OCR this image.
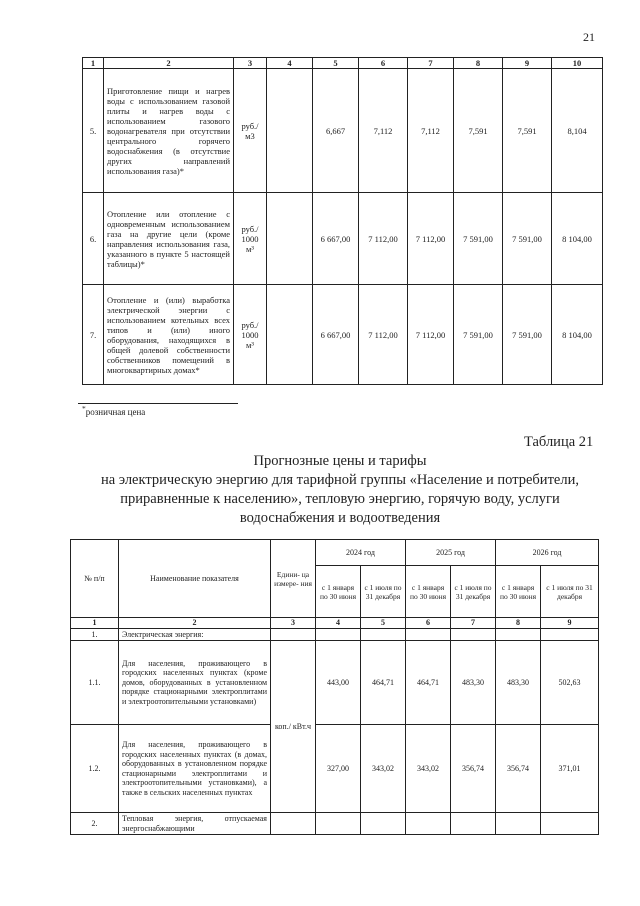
21
1	2	3	4	5	6	7	8	9	10
5.	Приготовление пищи и нагрев воды с использованием газовой плиты и нагрев воды с использованием газового водонагревателя при отсутствии центрального горячего водоснабжения (в отсутствие других направлений использования газа)*	руб./ м3		6,667	7,112	7,112	7,591	7,591	8,104
6.	Отопление или отопление с одновременным использованием газа на другие цели (кроме направления использования газа, указанного в пункте 5 настоящей таблицы)*	руб./ 1000 м³		6 667,00	7 112,00	7 112,00	7 591,00	7 591,00	8 104,00
7.	Отопление и (или) выработка электрической энергии с использованием котельных всех типов и (или) иного оборудования, находящихся в общей долевой собственности собственников помещений в многоквартирных домах*	руб./ 1000 м³		6 667,00	7 112,00	7 112,00	7 591,00	7 591,00	8 104,00
*розничная цена
Таблица 21
Прогнозные цены и тарифы
на электрическую энергию для тарифной группы «Население и потребители,
приравненные к населению», тепловую энергию, горячую воду, услуги
водоснабжения и водоотведения
№ п/п	Наименование показателя	Едини- ца измере- ния	2024 год		2025 год		2026 год	
			с 1 января по 30 июня	с 1 июля по 31 декабря	с 1 января по 30 июня	с 1 июля по 31 декабря	с 1 января по 30 июня	с 1 июля по 31 декабря
1	2	3	4	5	6	7	8	9
1.	Электрическая энергия:							
1.1.	Для населения, проживающего в городских населенных пунктах (кроме домов, оборудованных в установленном порядке стационарными электроплитами и электроотопительными установками)	коп./ кВт.ч	443,00	464,71	464,71	483,30	483,30	502,63
1.2.	Для населения, проживающего в городских населенных пунктах (в домах, оборудованных в установленном порядке стационарными электроплитами и электроотопительными установками), а также в сельских населенных пунктах		327,00	343,02	343,02	356,74	356,74	371,01
2.	Тепловая энергия, отпускаемая энергоснабжающими							
